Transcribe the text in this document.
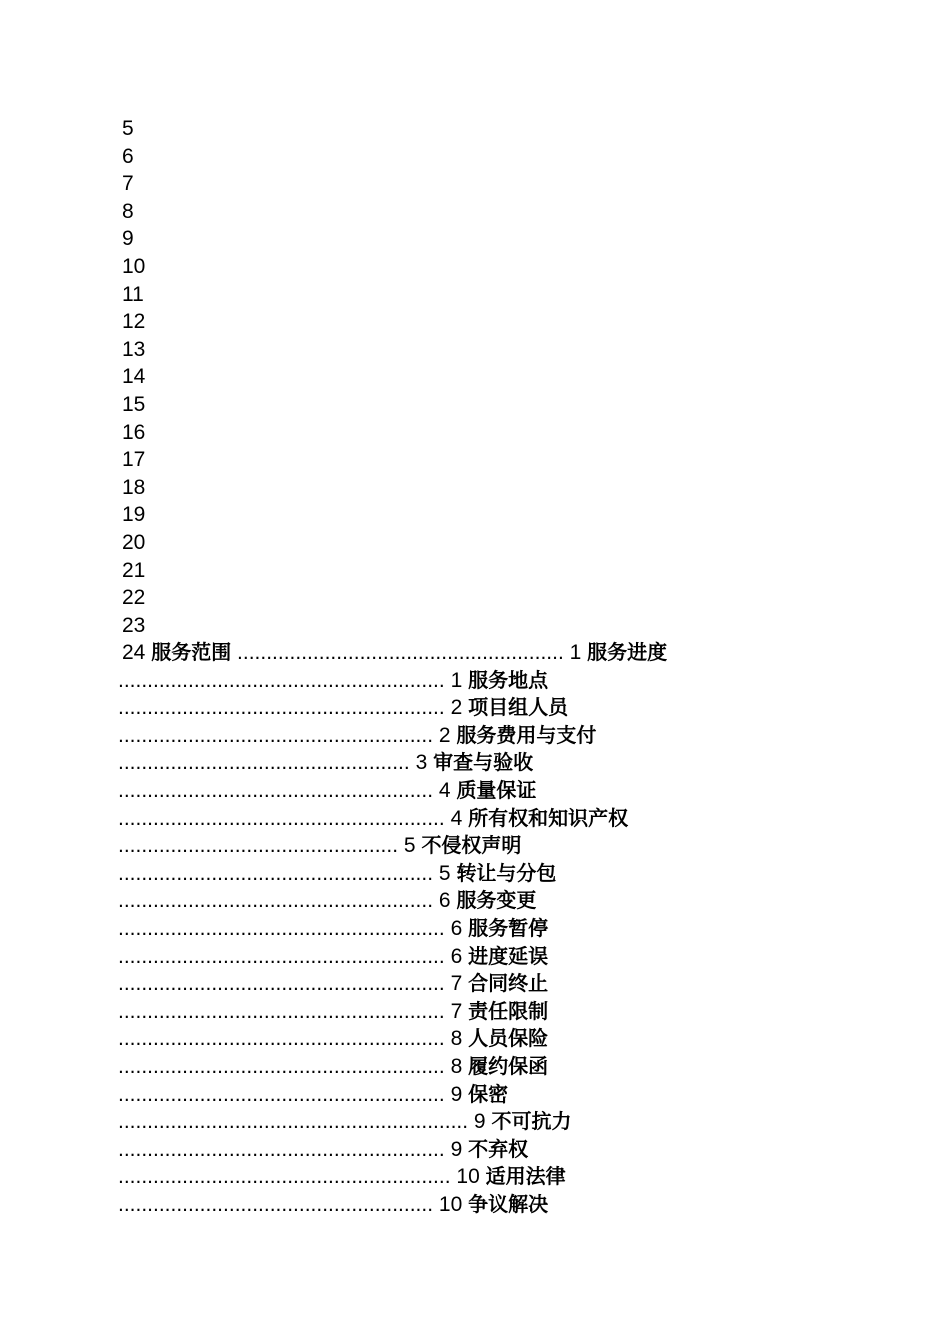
5
6
7
8
9
10
11
12
13
14
15
16
17
18
19
20
21
22
23
24 服务范围 ........................................................ 1 服务进度
........................................................ 1 服务地点
........................................................ 2 项目组人员
...................................................... 2 服务费用与支付
.................................................. 3 审查与验收
...................................................... 4 质量保证
........................................................ 4 所有权和知识产权
................................................ 5 不侵权声明
...................................................... 5 转让与分包
...................................................... 6 服务变更
........................................................ 6 服务暂停
........................................................ 6 进度延误
........................................................ 7 合同终止
........................................................ 7 责任限制
........................................................ 8 人员保险
........................................................ 8 履约保函
........................................................ 9 保密
............................................................ 9 不可抗力
........................................................ 9 不弃权
......................................................... 10 适用法律
...................................................... 10 争议解决
